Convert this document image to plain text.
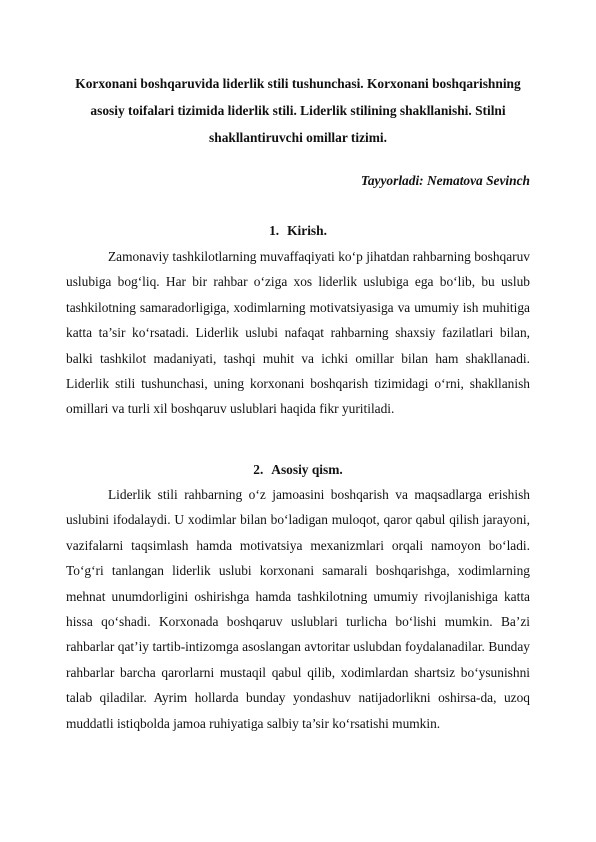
Korxonani boshqaruvida liderlik stili tushunchasi. Korxonani boshqarishning asosiy toifalari tizimida liderlik stili. Liderlik stilining shakllanishi. Stilni shakllantiruvchi omillar tizimi.
Tayyorladi: Nematova Sevinch
1. Kirish.

Zamonaviy tashkilotlarning muvaffaqiyati ko‘p jihatdan rahbarning boshqaruv uslubiga bog‘liq. Har bir rahbar o‘ziga xos liderlik uslubiga ega bo‘lib, bu uslub tashkilotning samaradorligiga, xodimlarning motivatsiyasiga va umumiy ish muhitiga katta ta’sir ko‘rsatadi. Liderlik uslubi nafaqat rahbarning shaxsiy fazilatlari bilan, balki tashkilot madaniyati, tashqi muhit va ichki omillar bilan ham shakllanadi. Liderlik stili tushunchasi, uning korxonani boshqarish tizimidagi o‘rni, shakllanish omillari va turli xil boshqaruv uslublari haqida fikr yuritiladi.

2. Asosiy qism.

Liderlik stili rahbarning o‘z jamoasini boshqarish va maqsadlarga erishish uslubini ifodalaydi. U xodimlar bilan bo‘ladigan muloqot, qaror qabul qilish jarayoni, vazifalarni taqsimlash hamda motivatsiya mexanizmlari orqali namoyon bo‘ladi. To‘g‘ri tanlangan liderlik uslubi korxonani samarali boshqarishga, xodimlarning mehnat unumdorligini oshirishga hamda tashkilotning umumiy rivojlanishiga katta hissa qo‘shadi. Korxonada boshqaruv uslublari turlicha bo‘lishi mumkin. Ba’zi rahbarlar qat’iy tartib-intizomga asoslangan avtoritar uslubdan foydalanadilar. Bunday rahbarlar barcha qarorlarni mustaqil qabul qilib, xodimlardan shartsiz bo‘ysunishni talab qiladilar. Ayrim hollarda bunday yondashuv natijadorlikni oshirsa-da, uzoq muddatli istiqbolda jamoa ruhiyatiga salbiy ta’sir ko‘rsatishi mumkin.
